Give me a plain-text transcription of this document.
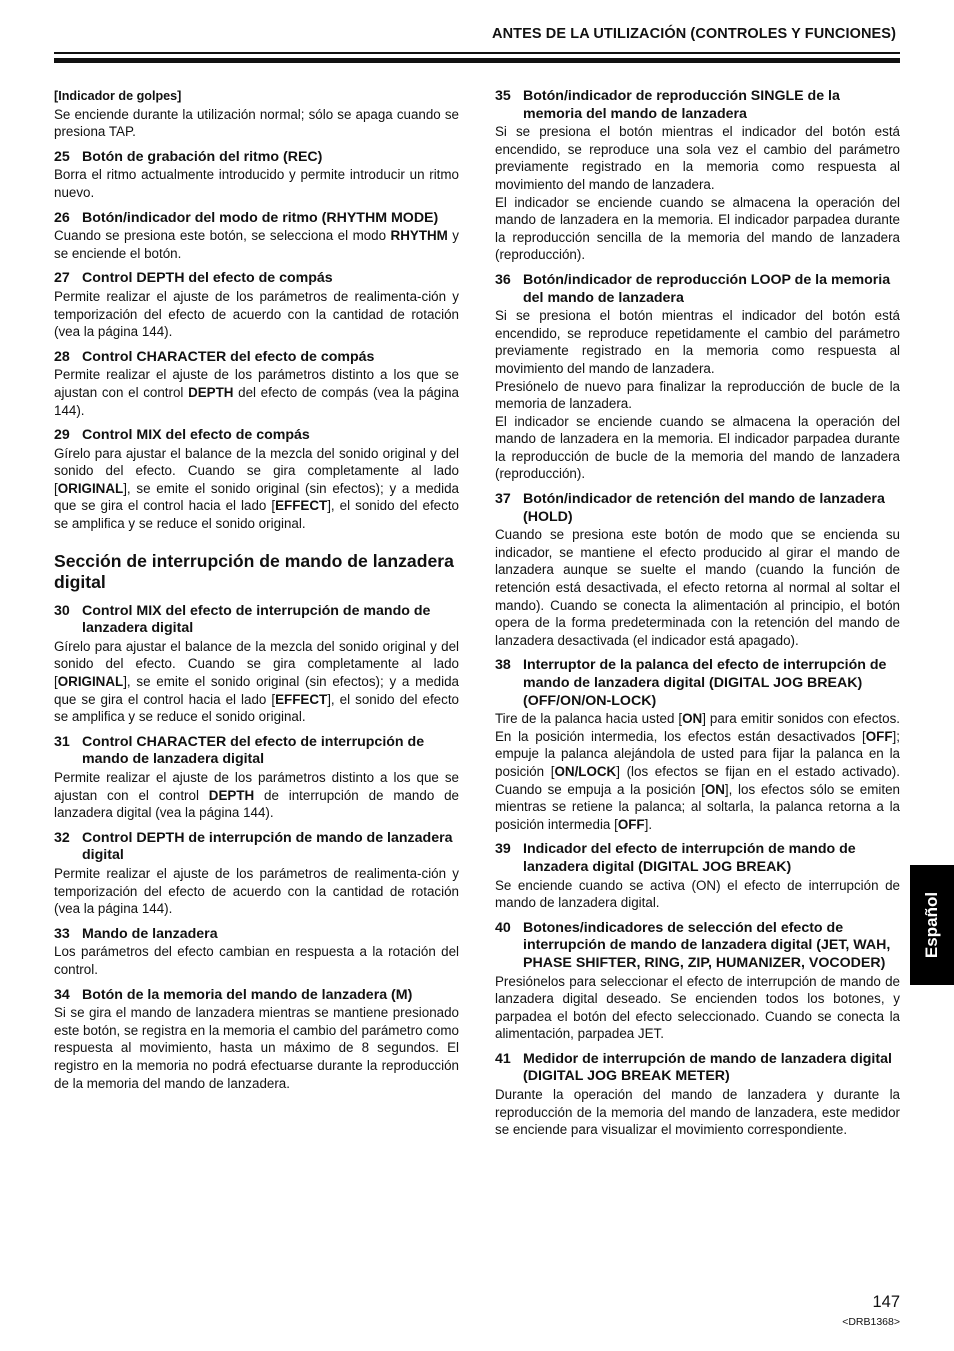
ANTES DE LA UTILIZACIÓN (CONTROLES Y FUNCIONES)
[Indicador de golpes]
Se enciende durante la utilización normal; sólo se apaga cuando se presiona TAP.
25 Botón de grabación del ritmo (REC)
Borra el ritmo actualmente introducido y permite introducir un ritmo nuevo.
26 Botón/indicador del modo de ritmo (RHYTHM MODE)
Cuando se presiona este botón, se selecciona el modo RHYTHM y se enciende el botón.
27 Control DEPTH del efecto de compás
Permite realizar el ajuste de los parámetros de realimenta-ción y temporización del efecto de acuerdo con la cantidad de rotación (vea la página 144).
28 Control CHARACTER del efecto de compás
Permite realizar el ajuste de los parámetros distinto a los que se ajustan con el control DEPTH del efecto de compás (vea la página 144).
29 Control MIX del efecto de compás
Gírelo para ajustar el balance de la mezcla del sonido original y del sonido del efecto. Cuando se gira completamente al lado [ORIGINAL], se emite el sonido original (sin efectos); y a medida que se gira el control hacia el lado [EFFECT], el sonido del efecto se amplifica y se reduce el sonido original.
Sección de interrupción de mando de lanzadera digital
30 Control MIX del efecto de interrupción de mando de lanzadera digital
Gírelo para ajustar el balance de la mezcla del sonido original y del sonido del efecto. Cuando se gira completamente al lado [ORIGINAL], se emite el sonido original (sin efectos); y a medida que se gira el control hacia el lado [EFFECT], el sonido del efecto se amplifica y se reduce el sonido original.
31 Control CHARACTER del efecto de interrupción de mando de lanzadera digital
Permite realizar el ajuste de los parámetros distinto a los que se ajustan con el control DEPTH de interrupción de mando de lanzadera digital (vea la página 144).
32 Control DEPTH de interrupción de mando de lanzadera digital
Permite realizar el ajuste de los parámetros de realimenta-ción y temporización del efecto de acuerdo con la cantidad de rotación (vea la página 144).
33 Mando de lanzadera
Los parámetros del efecto cambian en respuesta a la rotación del control.
34 Botón de la memoria del mando de lanzadera (M)
Si se gira el mando de lanzadera mientras se mantiene presionado este botón, se registra en la memoria el cambio del parámetro como respuesta al movimiento, hasta un máximo de 8 segundos. El registro en la memoria no podrá efectuarse durante la reproducción de la memoria del mando de lanzadera.
35 Botón/indicador de reproducción SINGLE de la memoria del mando de lanzadera
Si se presiona el botón mientras el indicador del botón está encendido, se reproduce una sola vez el cambio del parámetro previamente registrado en la memoria como respuesta al movimiento del mando de lanzadera.
El indicador se enciende cuando se almacena la operación del mando de lanzadera en la memoria. El indicador parpadea durante la reproducción sencilla de la memoria del mando de lanzadera (reproducción).
36 Botón/indicador de reproducción LOOP de la memoria del mando de lanzadera
Si se presiona el botón mientras el indicador del botón está encendido, se reproduce repetidamente el cambio del parámetro previamente registrado en la memoria como respuesta al movimiento del mando de lanzadera.
Presiónelo de nuevo para finalizar la reproducción de bucle de la memoria de lanzadera.
El indicador se enciende cuando se almacena la operación del mando de lanzadera en la memoria. El indicador parpadea durante la reproducción de bucle de la memoria del mando de lanzadera (reproducción).
37 Botón/indicador de retención del mando de lanzadera (HOLD)
Cuando se presiona este botón de modo que se encienda su indicador, se mantiene el efecto producido al girar el mando de lanzadera aunque se suelte el mando (cuando la función de retención está desactivada, el efecto retorna al normal al soltar el mando). Cuando se conecta la alimentación al principio, el botón opera de la forma predeterminada con la retención del mando de lanzadera desactivada (el indicador está apagado).
38 Interruptor de la palanca del efecto de interrupción de mando de lanzadera digital (DIGITAL JOG BREAK) (OFF/ON/ON-LOCK)
Tire de la palanca hacia usted [ON] para emitir sonidos con efectos. En la posición intermedia, los efectos están desactivados [OFF]; empuje la palanca alejándola de usted para fijar la palanca en la posición [ON/LOCK] (los efectos se fijan en el estado activado). Cuando se empuja a la posición [ON], los efectos sólo se emiten mientras se retiene la palanca; al soltarla, la palanca retorna a la posición intermedia [OFF].
39 Indicador del efecto de interrupción de mando de lanzadera digital (DIGITAL JOG BREAK)
Se enciende cuando se activa (ON) el efecto de interrupción de mando de lanzadera digital.
40 Botones/indicadores de selección del efecto de interrupción de mando de lanzadera digital (JET, WAH, PHASE SHIFTER, RING, ZIP, HUMANIZER, VOCODER)
Presiónelos para seleccionar el efecto de interrupción de mando de lanzadera digital deseado. Se encienden todos los botones, y parpadea el botón del efecto seleccionado. Cuando se conecta la alimentación, parpadea JET.
41 Medidor de interrupción de mando de lanzadera digital (DIGITAL JOG BREAK METER)
Durante la operación del mando de lanzadera y durante la reproducción de la memoria del mando de lanzadera, este medidor se enciende para visualizar el movimiento correspondiente.
Español
147
<DRB1368>
